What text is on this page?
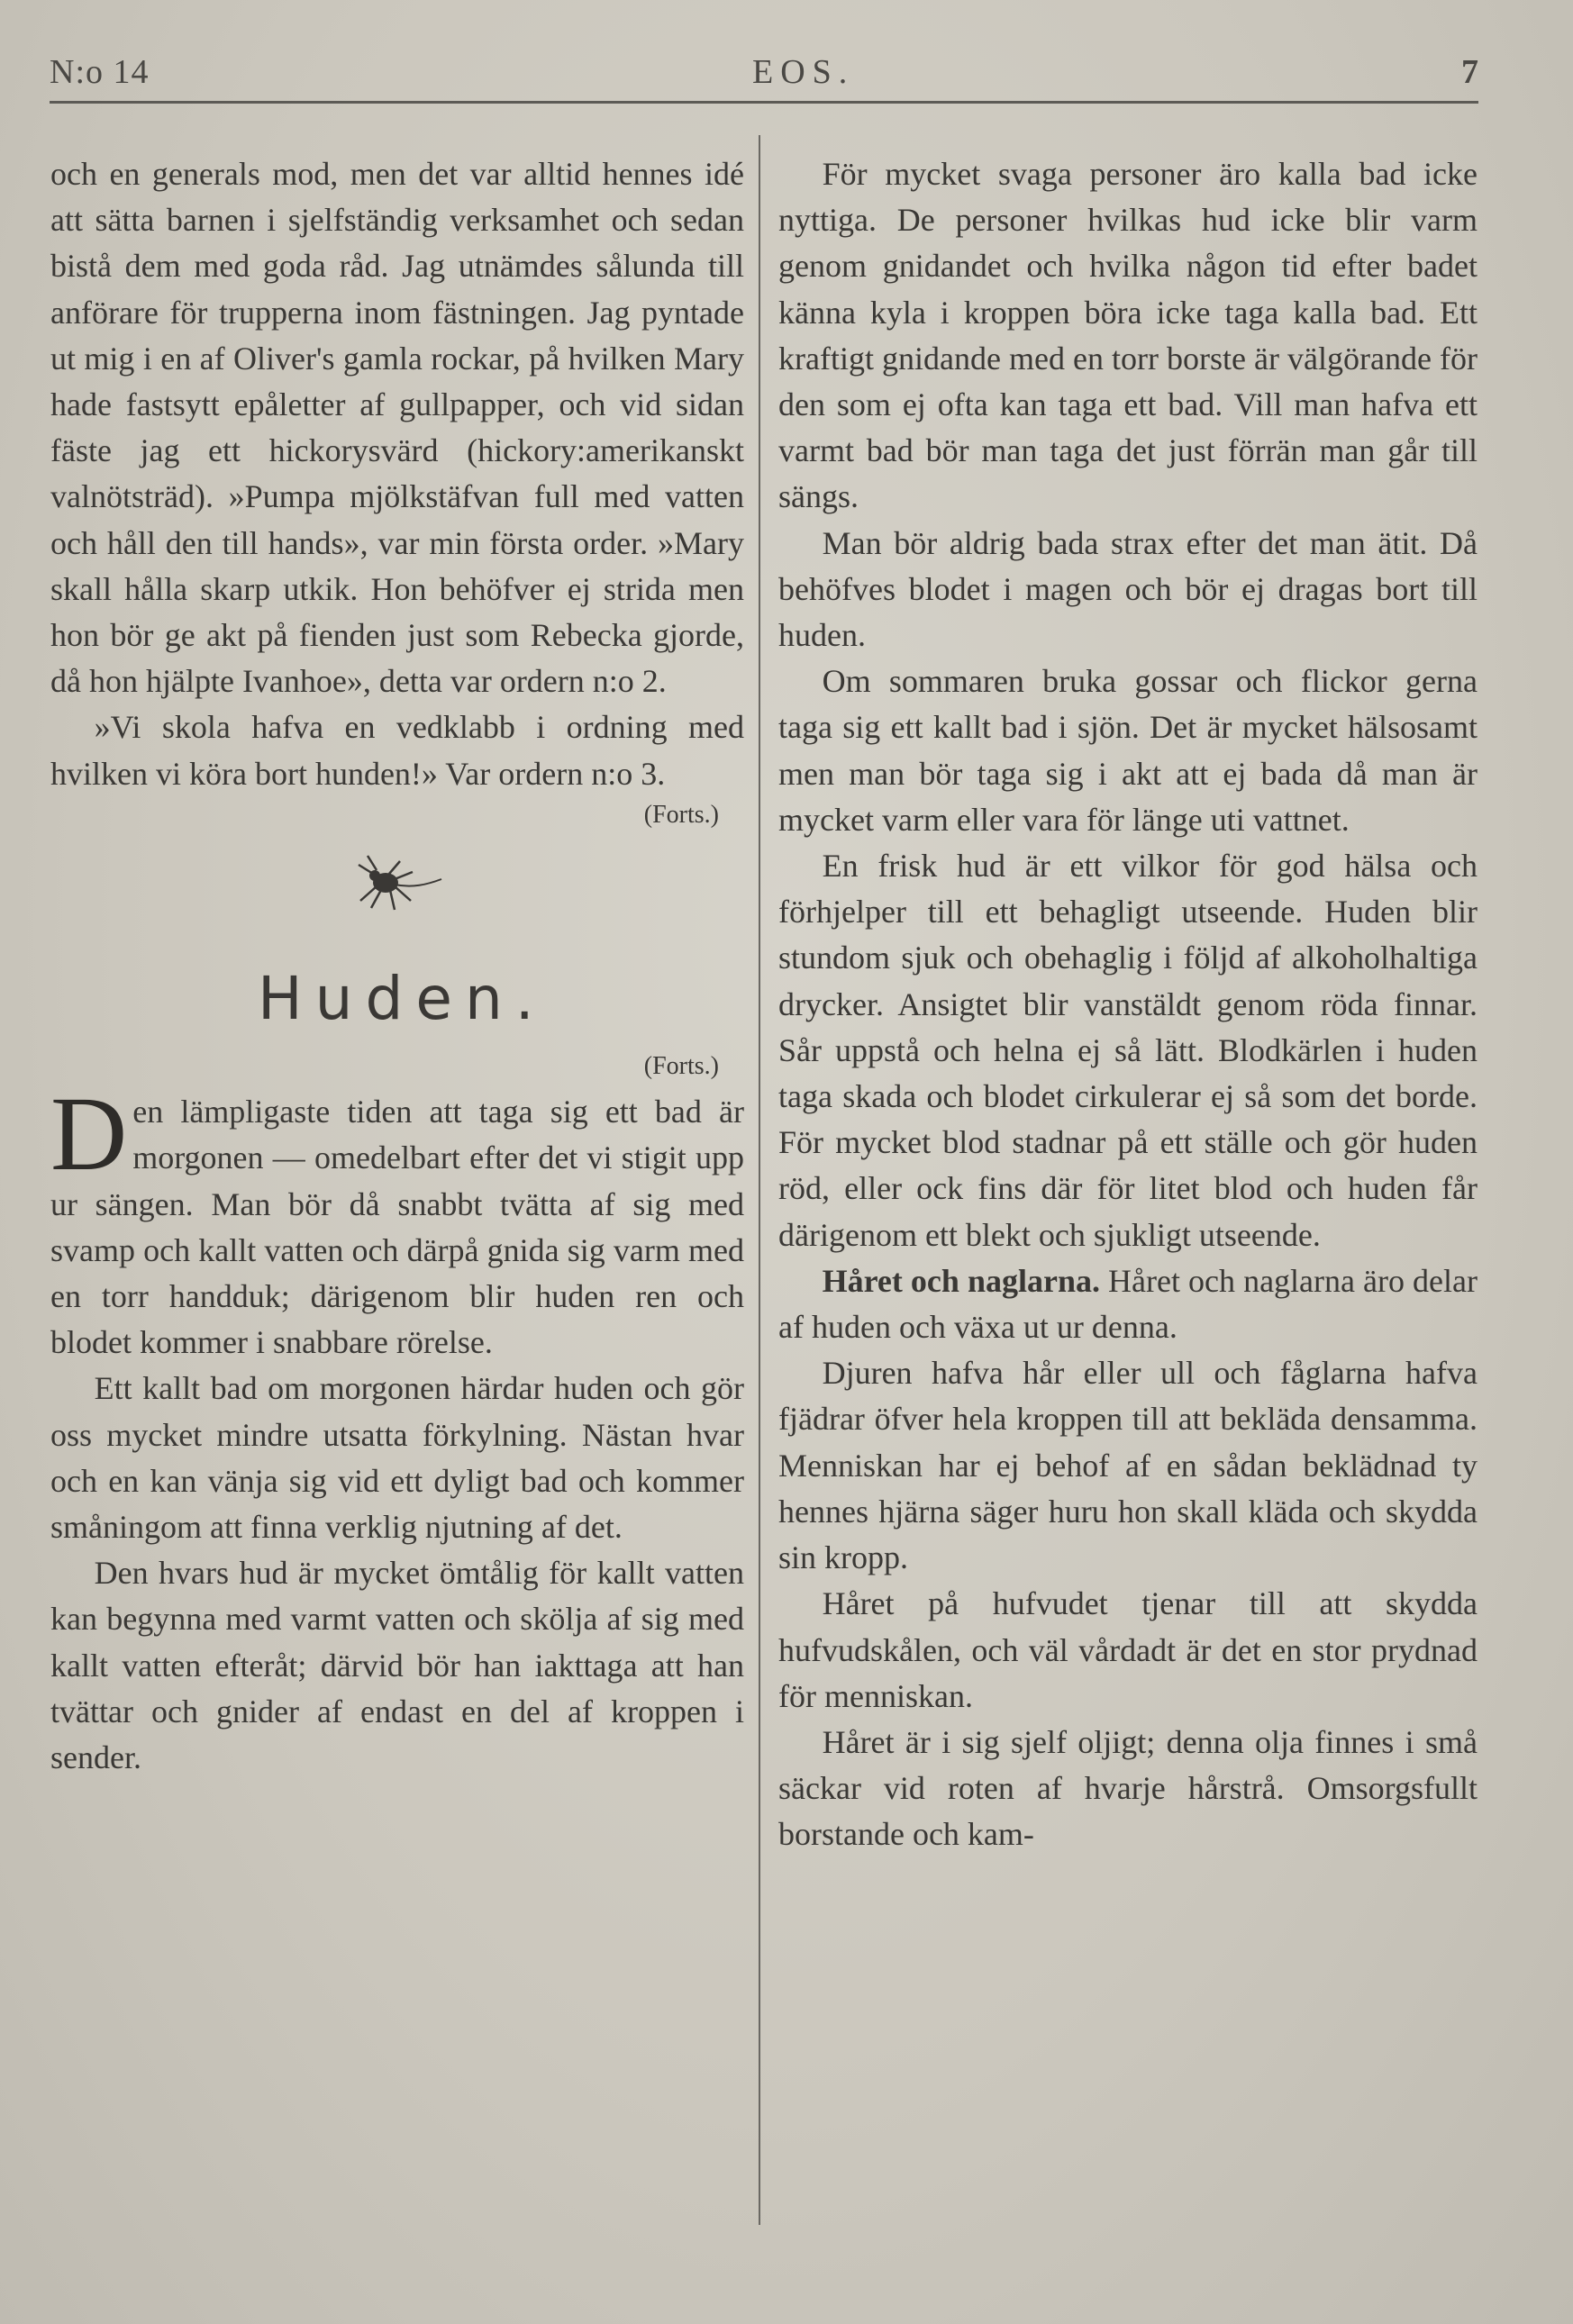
N:o 14	EOS.	7

och en generals mod, men det var alltid hennes idé att sätta barnen i sjelfständig verksamhet och sedan bistå dem med goda råd. Jag utnämdes sålunda till anförare för trupperna inom fästningen. Jag pyntade ut mig i en af Oliver's gamla rockar, på hvilken Mary hade fastsytt epåletter af gullpapper, och vid sidan fäste jag ett hickorysvärd (hickory:amerikanskt valnötsträd). »Pumpa mjölkstäfvan full med vatten och håll den till hands», var min första order. »Mary skall hålla skarp utkik. Hon behöfver ej strida men hon bör ge akt på fienden just som Rebecka gjorde, då hon hjälpte Ivanhoe», detta var ordern n:o 2.

»Vi skola hafva en vedklabb i ordning med hvilken vi köra bort hunden!» Var ordern n:o 3.

(Forts.)
Huden.
(Forts.)

Den lämpligaste tiden att taga sig ett bad är morgonen — omedelbart efter det vi stigit upp ur sängen. Man bör då snabbt tvätta af sig med svamp och kallt vatten och därpå gnida sig varm med en torr handduk; därigenom blir huden ren och blodet kommer i snabbare rörelse.

Ett kallt bad om morgonen härdar huden och gör oss mycket mindre utsatta förkylning. Nästan hvar och en kan vänja sig vid ett dyligt bad och kommer småningom att finna verklig njutning af det.

Den hvars hud är mycket ömtålig för kallt vatten kan begynna med varmt vatten och skölja af sig med kallt vatten efteråt; därvid bör han iakttaga att han tvättar och gnider af endast en del af kroppen i sender.

För mycket svaga personer äro kalla bad icke nyttiga. De personer hvilkas hud icke blir varm genom gnidandet och hvilka någon tid efter badet känna kyla i kroppen böra icke taga kalla bad. Ett kraftigt gnidande med en torr borste är välgörande för den som ej ofta kan taga ett bad. Vill man hafva ett varmt bad bör man taga det just förrän man går till sängs.

Man bör aldrig bada strax efter det man ätit. Då behöfves blodet i magen och bör ej dragas bort till huden.

Om sommaren bruka gossar och flickor gerna taga sig ett kallt bad i sjön. Det är mycket hälsosamt men man bör taga sig i akt att ej bada då man är mycket varm eller vara för länge uti vattnet.

En frisk hud är ett vilkor för god hälsa och förhjelper till ett behagligt utseende. Huden blir stundom sjuk och obehaglig i följd af alkoholhaltiga drycker. Ansigtet blir vanstäldt genom röda finnar. Sår uppstå och helna ej så lätt. Blodkärlen i huden taga skada och blodet cirkulerar ej så som det borde. För mycket blod stadnar på ett ställe och gör huden röd, eller ock fins där för litet blod och huden får därigenom ett blekt och sjukligt utseende.

Håret och naglarna. Håret och naglarna äro delar af huden och växa ut ur denna.

Djuren hafva hår eller ull och fåglarna hafva fjädrar öfver hela kroppen till att bekläda densamma. Menniskan har ej behof af en sådan beklädnad ty hennes hjärna säger huru hon skall kläda och skydda sin kropp.

Håret på hufvudet tjenar till att skydda hufvudskålen, och väl vårdadt är det en stor prydnad för menniskan.

Håret är i sig sjelf oljigt; denna olja finnes i små säckar vid roten af hvarje hårstrå. Omsorgsfullt borstande och kam-
